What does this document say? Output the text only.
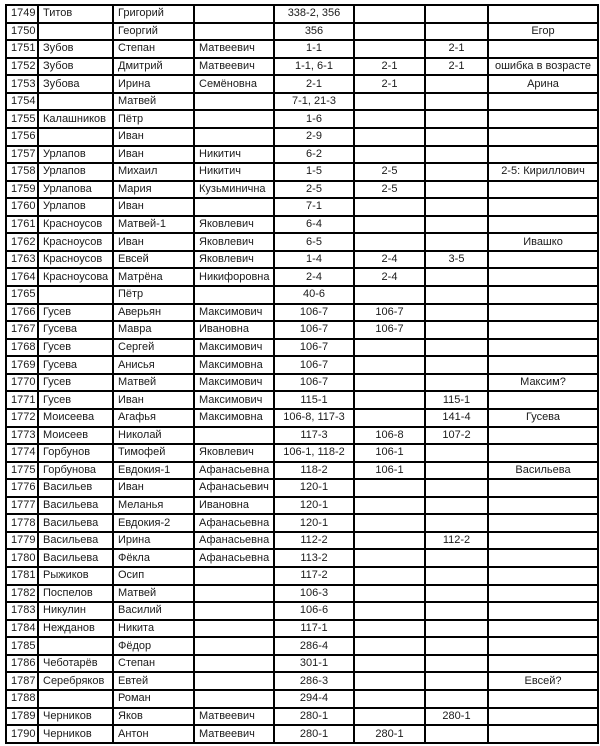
1749	Титов	Григорий		338-2, 356			
1750		Георгий		356			Егор
1751	Зубов	Степан	Матвеевич	1-1		2-1	
1752	Зубов	Дмитрий	Матвеевич	1-1, 6-1	2-1	2-1	ошибка в возрасте
1753	Зубова	Ирина	Семёновна	2-1	2-1		Арина
1754		Матвей		7-1, 21-3			
1755	Калашников	Пётр		1-6			
1756		Иван		2-9			
1757	Урлапов	Иван	Никитич	6-2			
1758	Урлапов	Михаил	Никитич	1-5	2-5		2-5: Кириллович
1759	Урлапова	Мария	Кузьминична	2-5	2-5		
1760	Урлапов	Иван		7-1			
1761	Красноусов	Матвей-1	Яковлевич	6-4			
1762	Красноусов	Иван	Яковлевич	6-5			Ивашко
1763	Красноусов	Евсей	Яковлевич	1-4	2-4	3-5	
1764	Красноусова	Матрёна	Никифоровна	2-4	2-4		
1765		Пётр		40-6			
1766	Гусев	Аверьян	Максимович	106-7	106-7		
1767	Гусева	Мавра	Ивановна	106-7	106-7		
1768	Гусев	Сергей	Максимович	106-7			
1769	Гусева	Анисья	Максимовна	106-7			
1770	Гусев	Матвей	Максимович	106-7			Максим?
1771	Гусев	Иван	Максимович	115-1		115-1	
1772	Моисеева	Агафья	Максимовна	106-8, 117-3		141-4	Гусева
1773	Моисеев	Николай		117-3	106-8	107-2	
1774	Горбунов	Тимофей	Яковлевич	106-1, 118-2	106-1		
1775	Горбунова	Евдокия-1	Афанасьевна	118-2	106-1		Васильева
1776	Васильев	Иван	Афанасьевич	120-1			
1777	Васильева	Меланья	Ивановна	120-1			
1778	Васильева	Евдокия-2	Афанасьевна	120-1			
1779	Васильева	Ирина	Афанасьевна	112-2		112-2	
1780	Васильева	Фёкла	Афанасьевна	113-2			
1781	Рыжиков	Осип		117-2			
1782	Поспелов	Матвей		106-3			
1783	Никулин	Василий		106-6			
1784	Нежданов	Никита		117-1			
1785		Фёдор		286-4			
1786	Чеботарёв	Степан		301-1			
1787	Серебряков	Евтей		286-3			Евсей?
1788		Роман		294-4			
1789	Черников	Яков	Матвеевич	280-1		280-1	
1790	Черников	Антон	Матвеевич	280-1	280-1		
